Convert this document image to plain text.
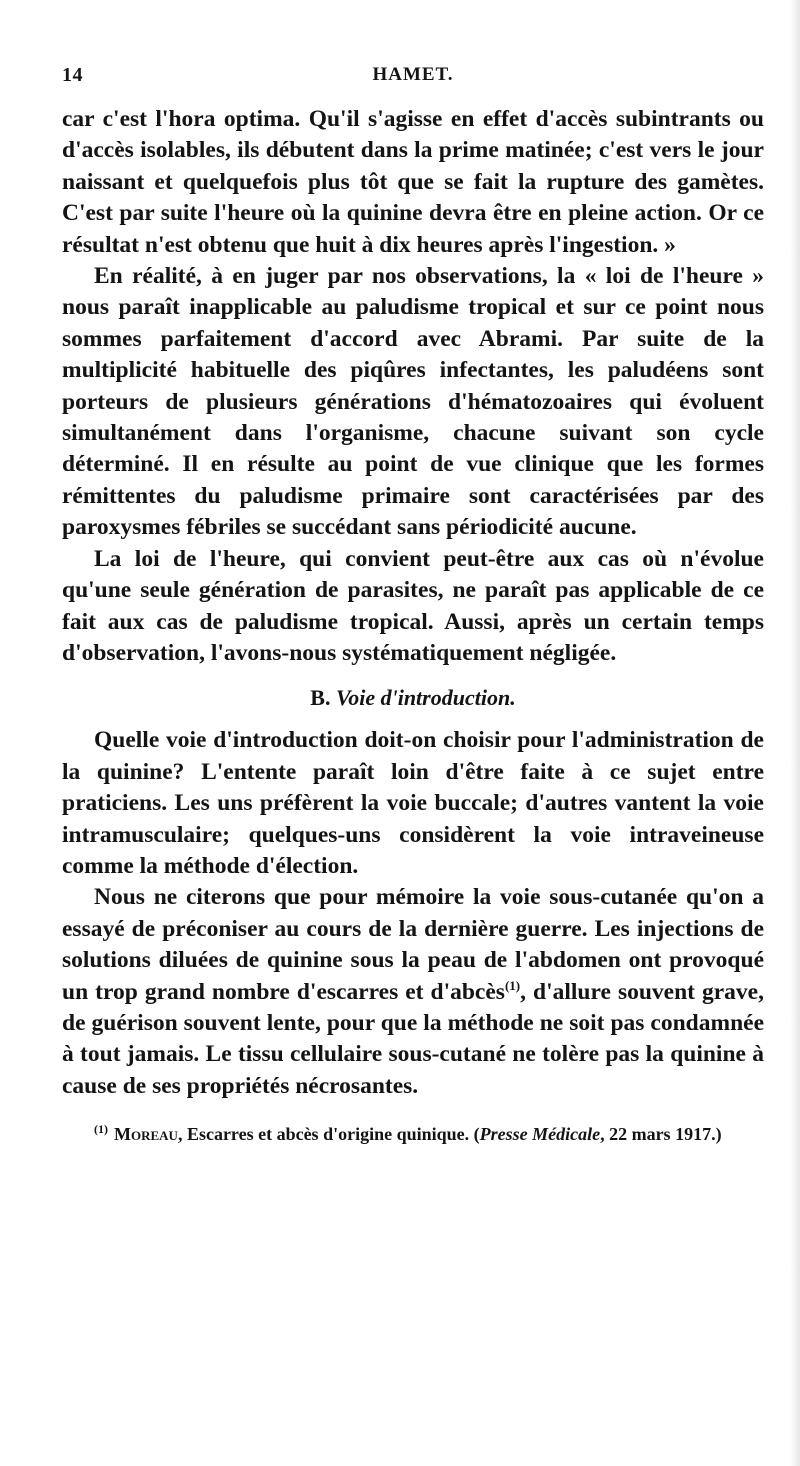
14	HAMET.

car c'est l'hora optima. Qu'il s'agisse en effet d'accès subintrants ou d'accès isolables, ils débutent dans la prime matinée; c'est vers le jour naissant et quelquefois plus tôt que se fait la rupture des gamètes. C'est par suite l'heure où la quinine devra être en pleine action. Or ce résultat n'est obtenu que huit à dix heures après l'ingestion. »

En réalité, à en juger par nos observations, la « loi de l'heure » nous paraît inapplicable au paludisme tropical et sur ce point nous sommes parfaitement d'accord avec Abrami. Par suite de la multiplicité habituelle des piqûres infectantes, les paludéens sont porteurs de plusieurs générations d'hématozoaires qui évoluent simultanément dans l'organisme, chacune suivant son cycle déterminé. Il en résulte au point de vue clinique que les formes rémittentes du paludisme primaire sont caractérisées par des paroxysmes fébriles se succédant sans périodicité aucune.

La loi de l'heure, qui convient peut-être aux cas où n'évolue qu'une seule génération de parasites, ne paraît pas applicable de ce fait aux cas de paludisme tropical. Aussi, après un certain temps d'observation, l'avons-nous systématiquement négligée.

B. Voie d'introduction.

Quelle voie d'introduction doit-on choisir pour l'administration de la quinine? L'entente paraît loin d'être faite à ce sujet entre praticiens. Les uns préfèrent la voie buccale; d'autres vantent la voie intramusculaire; quelques-uns considèrent la voie intraveineuse comme la méthode d'élection.

Nous ne citerons que pour mémoire la voie sous-cutanée qu'on a essayé de préconiser au cours de la dernière guerre. Les injections de solutions diluées de quinine sous la peau de l'abdomen ont provoqué un trop grand nombre d'escarres et d'abcès$^{(1)}$, d'allure souvent grave, de guérison souvent lente, pour que la méthode ne soit pas condamnée à tout jamais. Le tissu cellulaire sous-cutané ne tolère pas la quinine à cause de ses propriétés nécrosantes.

$^{(1)}$ Moreau, Escarres et abcès d'origine quinique. (Presse Médicale, 22 mars 1917.)
